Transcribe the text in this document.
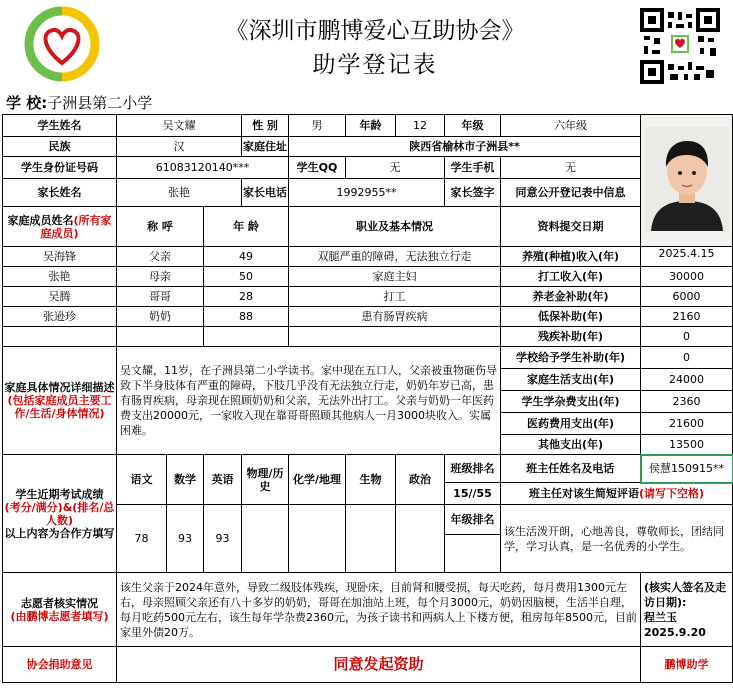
《深圳市鹏博爱心互助协会》
助学登记表
学 校:子洲县第二小学
学生姓名	吴文耀			性 别	男	年龄	12	年级	六年级	
民族	汉			家庭住址	陕西省榆林市子洲县**					
学生身份证号码	61083120140***				学生QQ	无		学生手机	无	
家长姓名	张艳			家长电话	1992955**			家长签字	同意公开登记表中信息	
家庭成员姓名(所有家庭成员)	称 呼		年 龄		职业及基本情况				资料提交日期	
吴海锋	父亲		49		双腿严重的障碍，无法独立行走				养殖(种植)收入(年)	2025.4.15
张艳	母亲		50		家庭主妇				打工收入(年)	30000
吴腾	哥哥		28		打工				养老金补助(年)	6000
张逊珍	奶奶		88		患有肠胃疾病				低保补助(年)	2160
									残疾补助(年)	0
家庭具体情况详细描述(包括家庭成员主要工作/生活/身体情况)	吴文耀，11岁，在子洲县第二小学读书。家中现在五口人，父亲被重物砸伤导致下半身肢体有严重的障碍，下肢几乎没有无法独立行走，奶奶年岁已高，患有肠胃疾病，母亲现在照顾奶奶和父亲，无法外出打工。父亲与奶奶一年医药费支出20000元，一家收入现在靠哥哥照顾其他病人一月3000块收入。实属困难。								学校给予学生补助(年)	0
									家庭生活支出(年)	24000
									学生学杂费支出(年)	2360
									医药费用支出(年)	21600
									其他支出(年)	13500
学生近期考试成绩
(考分/满分)&(排名/总人数)
以上内容为合作方填写	语文	数学	英语	物理/历史	化学/地理	生物	政治	班级排名	班主任姓名及电话	侯慧150915**
								15//55	班主任对该生简短评语(请写下空格)	
	78	93	93					年级排名	该生活泼开朗，心地善良，尊敬师长，团结同学，学习认真，是一名优秀的小学生。	

志愿者核实情况
(由鹏博志愿者填写)	该生父亲于2024年意外，导致二级肢体残疾，现卧床，目前肾和腰受损，每天吃药，每月费用1300元左右，母亲照顾父亲还有八十多岁的奶奶，哥哥在加油站上班，每个月3000元，奶奶因脑梗，生活半自理，每月吃药500元左右，该生每年学杂费2360元，为孩子读书和两病人上下楼方便，租房每年8500元，目前家里外债20万。									(核实人签名及走访日期):
程兰玉
2025.9.20
协会捐助意见	同意发起资助									鹏博助学
